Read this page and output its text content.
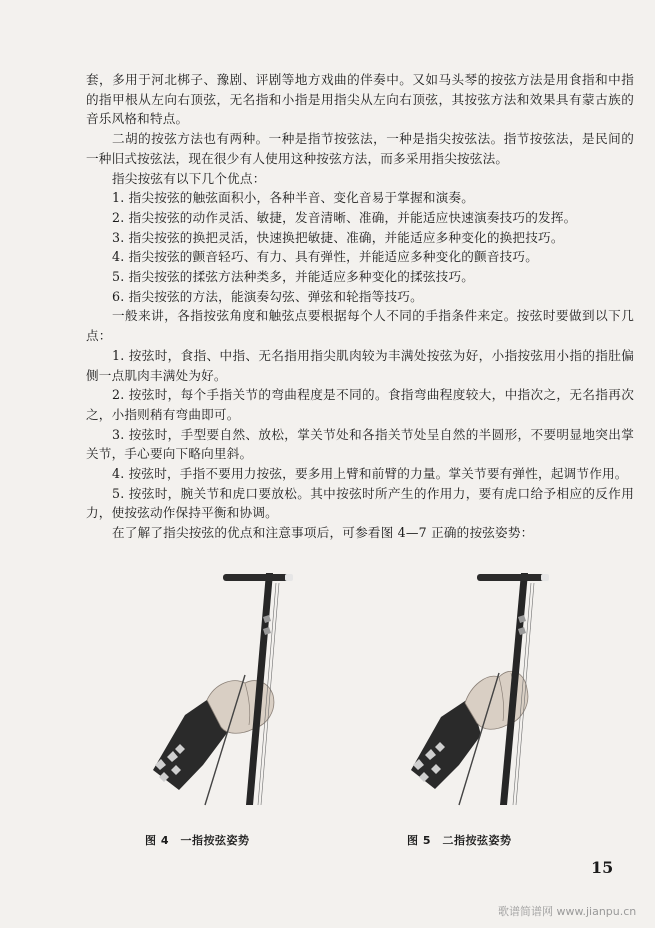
套，多用于河北梆子、豫剧、评剧等地方戏曲的伴奏中。又如马头琴的按弦方法是用食指和中指的指甲根从左向右顶弦，无名指和小指是用指尖从左向右顶弦，其按弦方法和效果具有蒙古族的音乐风格和特点。

二胡的按弦方法也有两种。一种是指节按弦法，一种是指尖按弦法。指节按弦法，是民间的一种旧式按弦法，现在很少有人使用这种按弦方法，而多采用指尖按弦法。

指尖按弦有以下几个优点：

1. 指尖按弦的触弦面积小，各种半音、变化音易于掌握和演奏。

2. 指尖按弦的动作灵活、敏捷，发音清晰、准确，并能适应快速演奏技巧的发挥。

3. 指尖按弦的换把灵活，快速换把敏捷、准确，并能适应多种变化的换把技巧。

4. 指尖按弦的颤音轻巧、有力、具有弹性，并能适应多种变化的颤音技巧。

5. 指尖按弦的揉弦方法种类多，并能适应多种变化的揉弦技巧。

6. 指尖按弦的方法，能演奏勾弦、弹弦和轮指等技巧。

一般来讲，各指按弦角度和触弦点要根据每个人不同的手指条件来定。按弦时要做到以下几点：

1. 按弦时，食指、中指、无名指用指尖肌肉较为丰满处按弦为好，小指按弦用小指的指肚偏侧一点肌肉丰满处为好。

2. 按弦时，每个手指关节的弯曲程度是不同的。食指弯曲程度较大，中指次之，无名指再次之，小指则稍有弯曲即可。

3. 按弦时，手型要自然、放松，掌关节处和各指关节处呈自然的半圆形，不要明显地突出掌关节，手心要向下略向里斜。

4. 按弦时，手指不要用力按弦，要多用上臂和前臂的力量。掌关节要有弹性，起调节作用。

5. 按弦时，腕关节和虎口要放松。其中按弦时所产生的作用力，要有虎口给予相应的反作用力，使按弦动作保持平衡和协调。

在了解了指尖按弦的优点和注意事项后，可参看图 4—7 正确的按弦姿势：

图 4　一指按弦姿势	图 5　二指按弦姿势
15
歌谱简谱网 www.jianpu.cn
